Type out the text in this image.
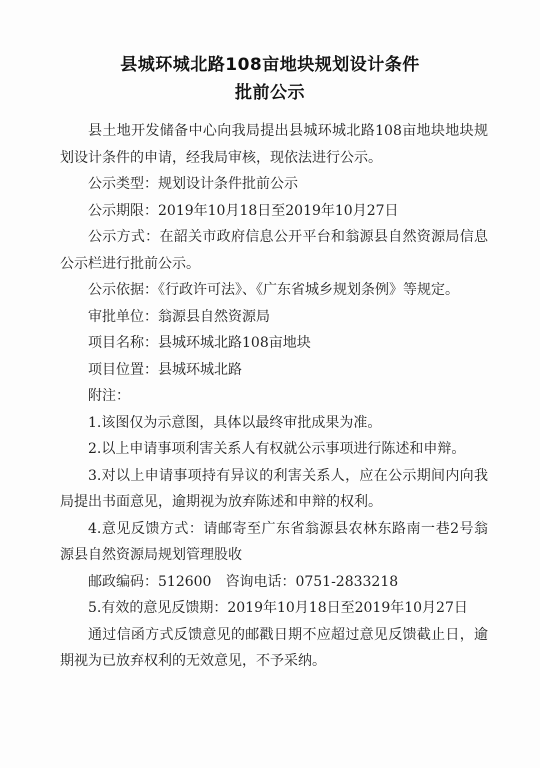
县城环城北路108亩地块规划设计条件
批前公示

县土地开发储备中心向我局提出县城环城北路108亩地块地块规划设计条件的申请，经我局审核，现依法进行公示。

公示类型：规划设计条件批前公示

公示期限：2019年10月18日至2019年10月27日

公示方式：在韶关市政府信息公开平台和翁源县自然资源局信息公示栏进行批前公示。

公示依据：《行政许可法》、《广东省城乡规划条例》等规定。

审批单位：翁源县自然资源局

项目名称：县城环城北路108亩地块

项目位置：县城环城北路

附注：

1.该图仅为示意图，具体以最终审批成果为准。

2.以上申请事项利害关系人有权就公示事项进行陈述和申辩。

3.对以上申请事项持有异议的利害关系人，应在公示期间内向我局提出书面意见，逾期视为放弃陈述和申辩的权利。

4.意见反馈方式：请邮寄至广东省翁源县农林东路南一巷2号翁源县自然资源局规划管理股收

邮政编码：512600　咨询电话：0751-2833218

5.有效的意见反馈期：2019年10月18日至2019年10月27日

通过信函方式反馈意见的邮戳日期不应超过意见反馈截止日，逾期视为已放弃权利的无效意见，不予采纳。
